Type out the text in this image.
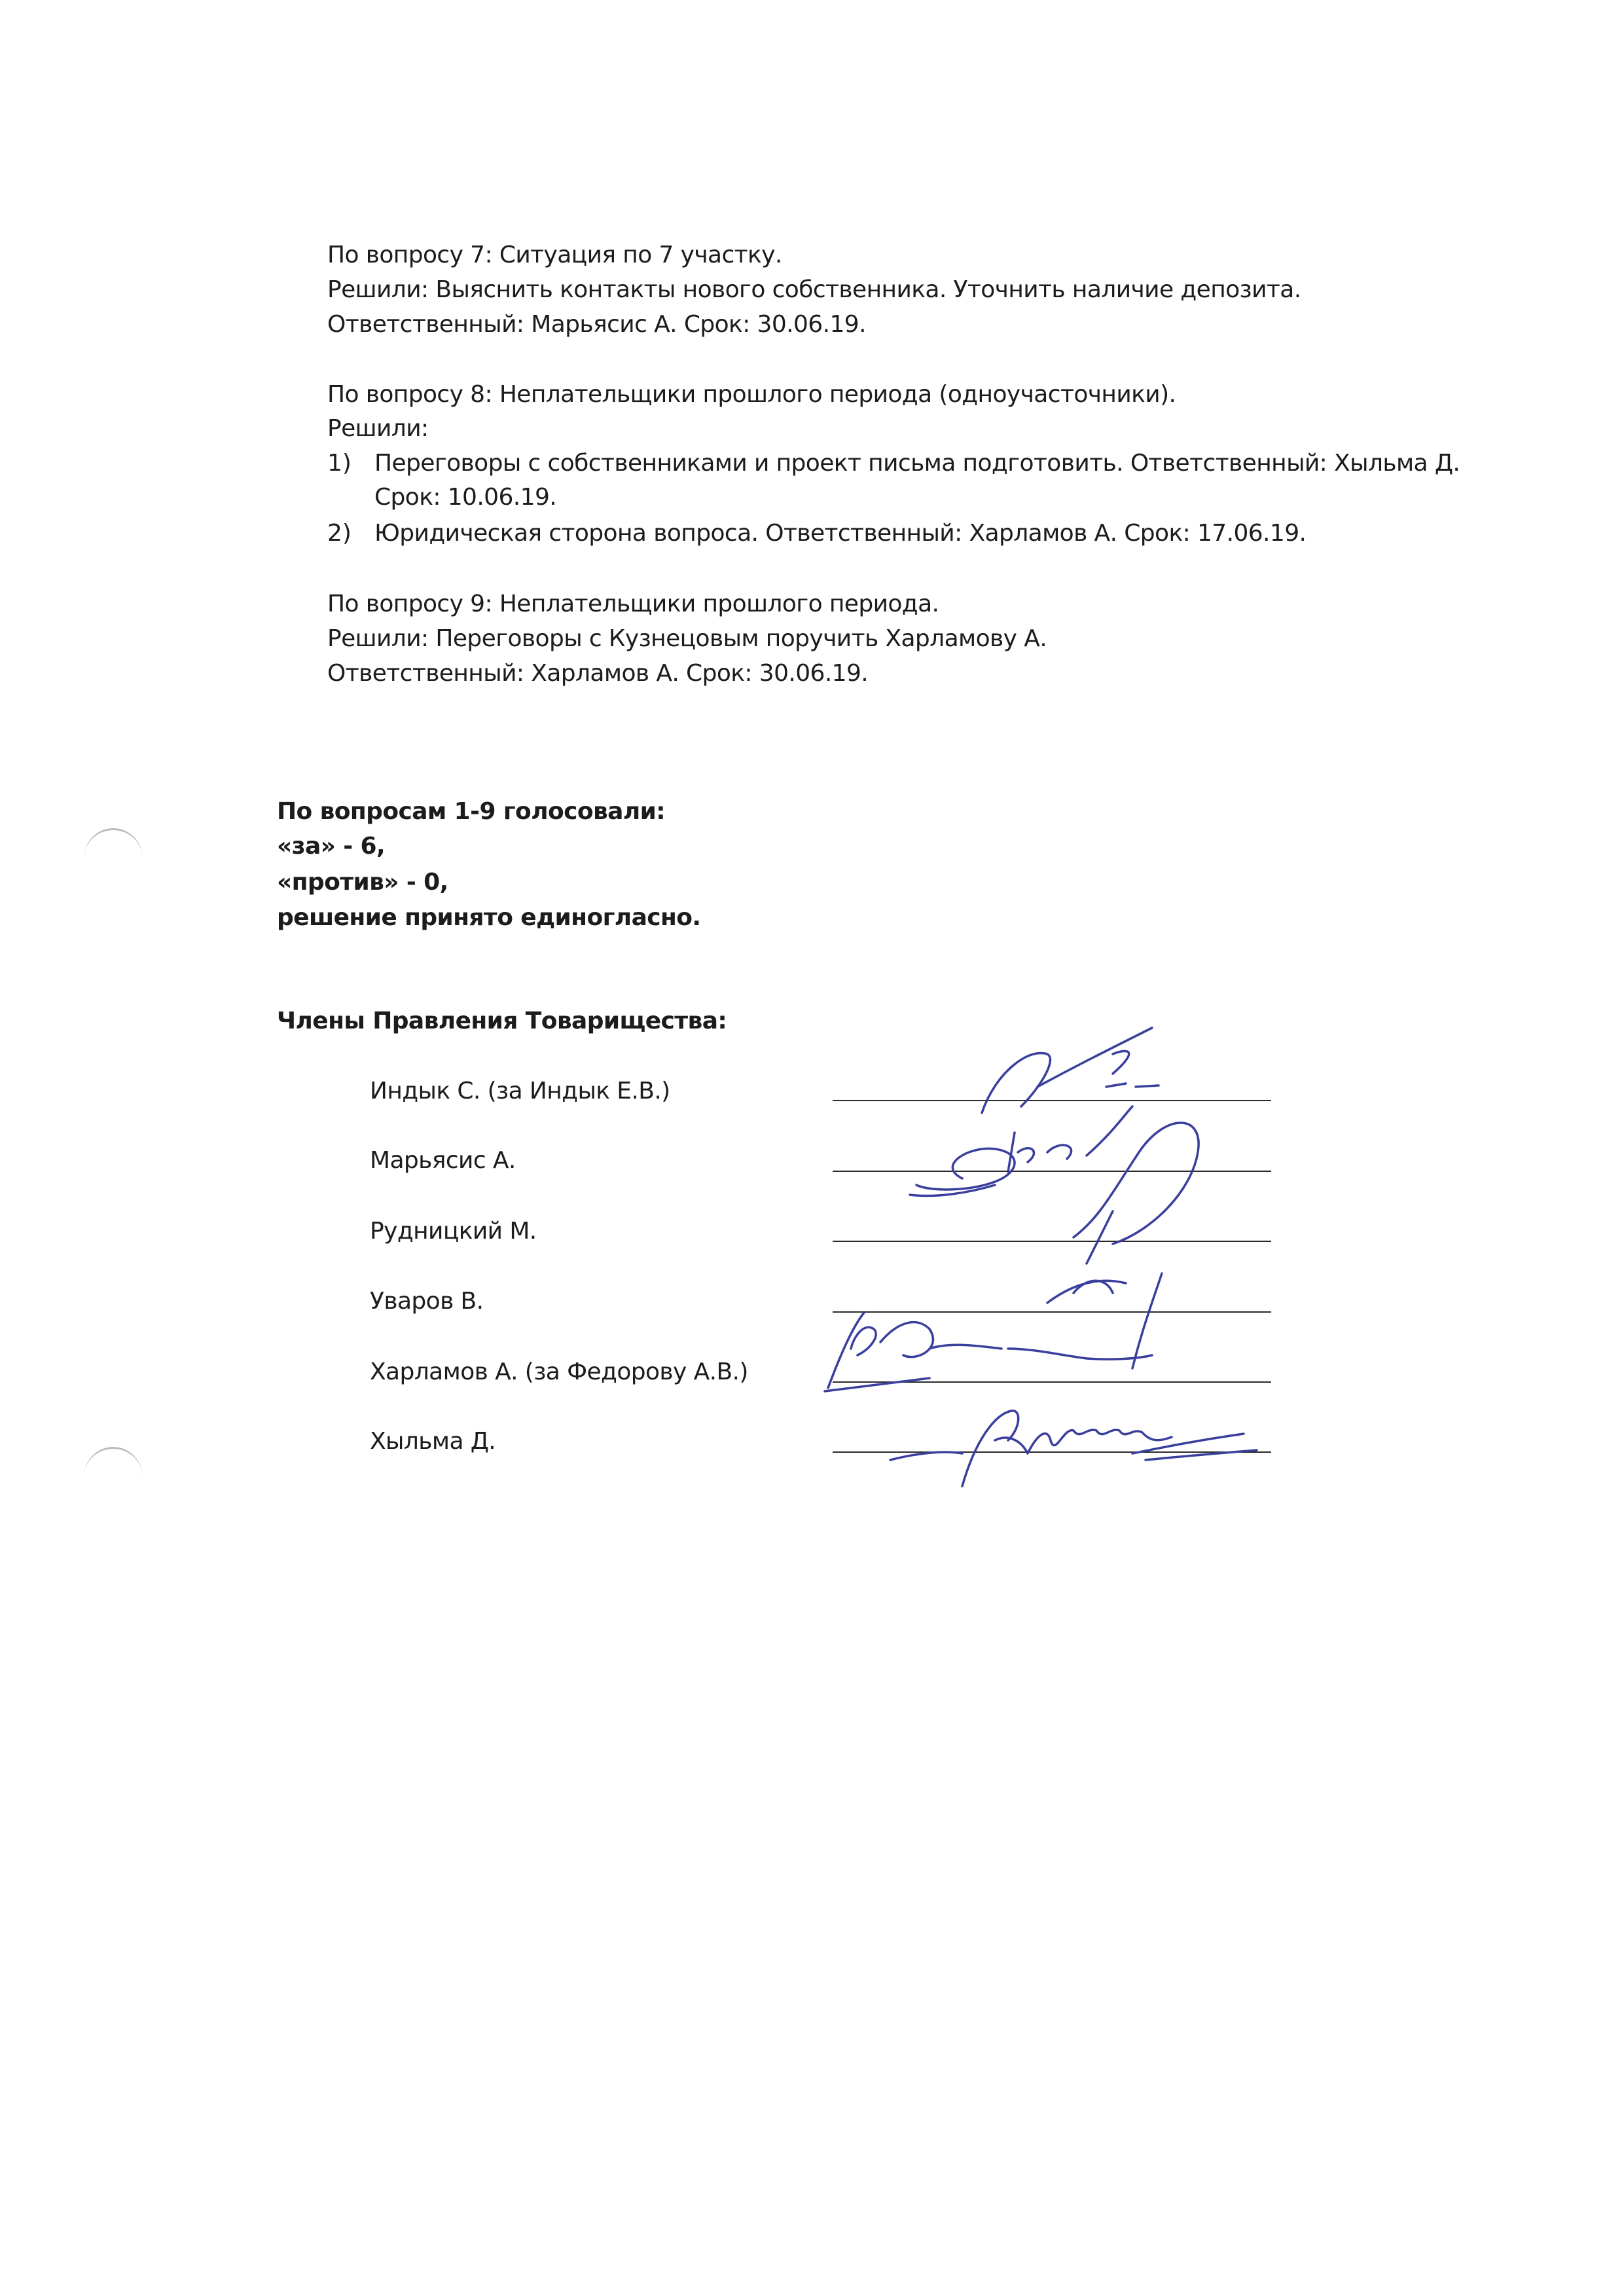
По вопросу 7: Ситуация по 7 участку.
Решили: Выяснить контакты нового собственника. Уточнить наличие депозита.
Ответственный: Марьясис А. Срок: 30.06.19.
По вопросу 8: Неплательщики прошлого периода (одноучасточники).
Решили:
1) Переговоры с собственниками и проект письма подготовить. Ответственный: Хыльма Д.
Срок: 10.06.19.
2) Юридическая сторона вопроса. Ответственный: Харламов А. Срок: 17.06.19.
По вопросу 9: Неплательщики прошлого периода.
Решили: Переговоры с Кузнецовым поручить Харламову А.
Ответственный: Харламов А. Срок: 30.06.19.
По вопросам 1-9 голосовали:
«за» - 6,
«против» - 0,
решение принято единогласно.
Члены Правления Товарищества:
Индык С. (за Индык Е.В.)
Марьясис А.
Рудницкий М.
Уваров В.
Харламов А. (за Федорову А.В.)
Хыльма Д.
